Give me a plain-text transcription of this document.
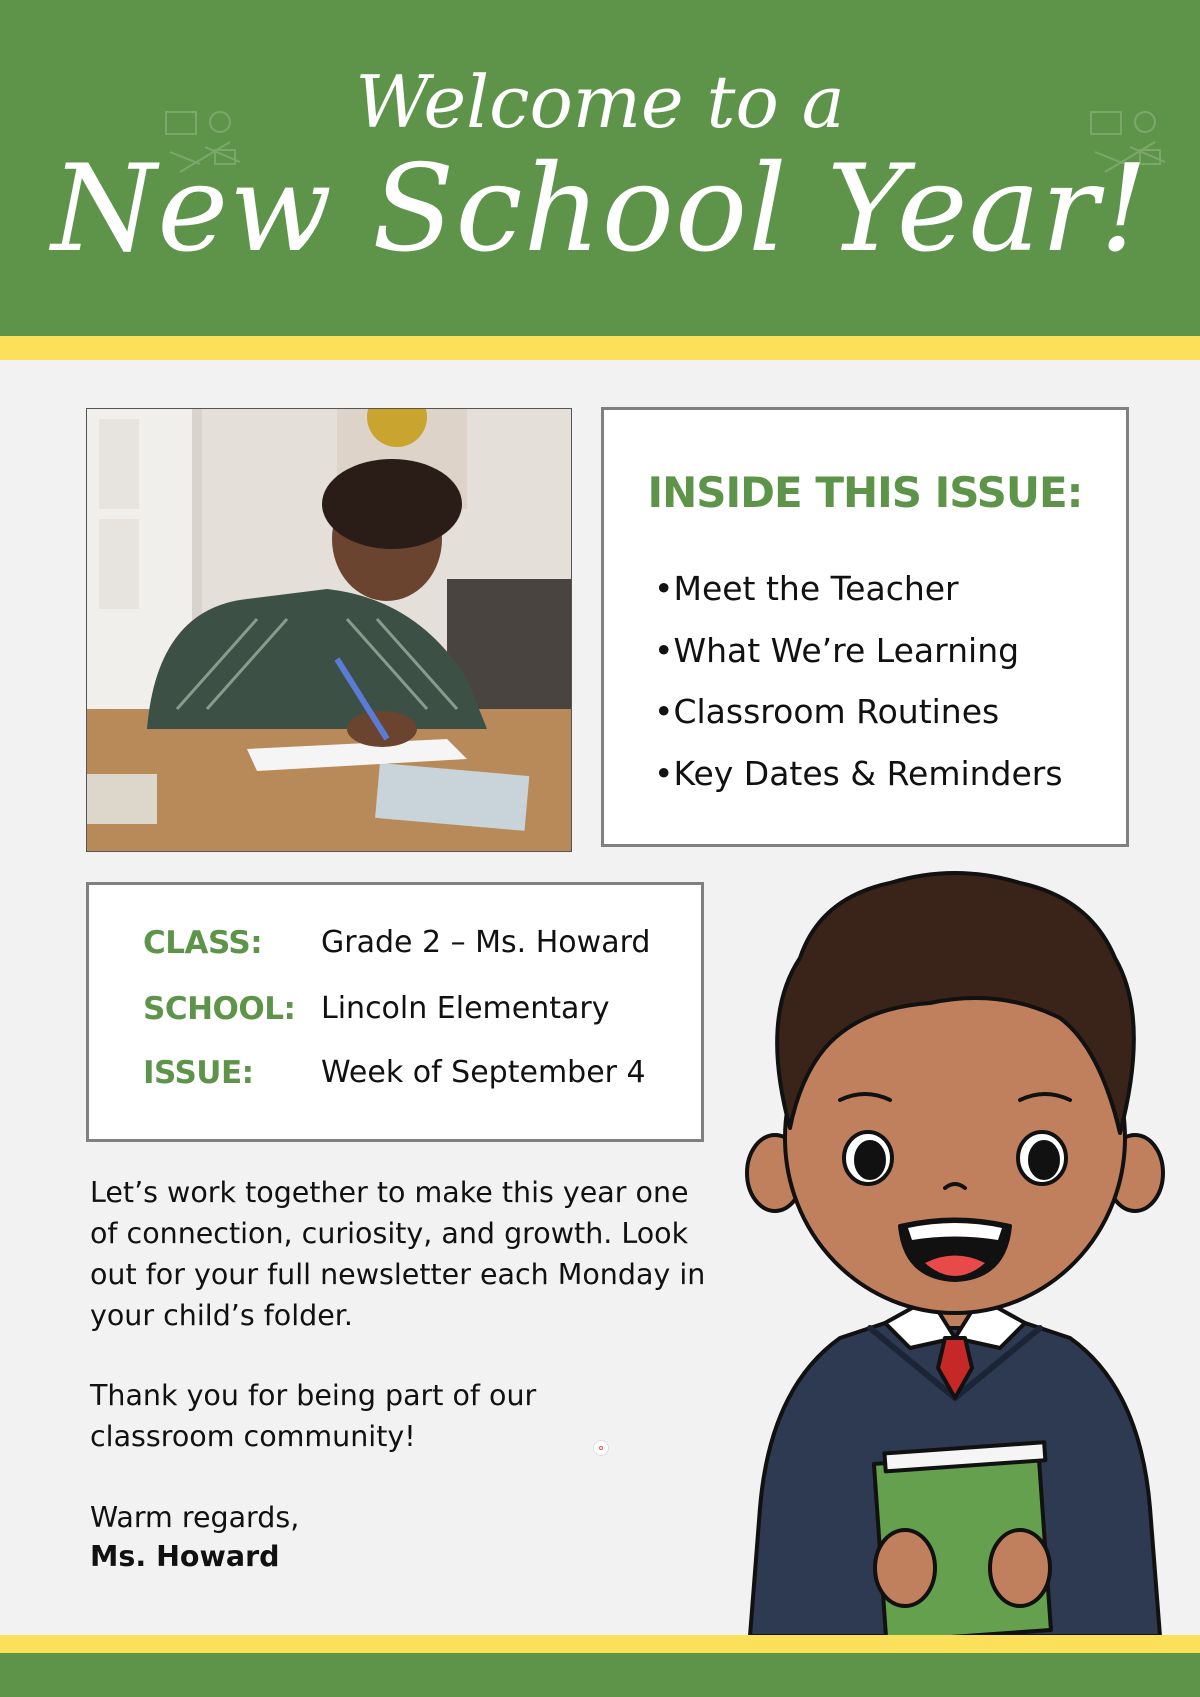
Welcome to a
New School Year!
INSIDE THIS ISSUE:
• Meet the Teacher
• What We’re Learning
• Classroom Routines
• Key Dates & Reminders
CLASS: Grade 2 – Ms. Howard
SCHOOL: Lincoln Elementary
ISSUE: Week of September 4
Let’s work together to make this year one of connection, curiosity, and growth. Look out for your full newsletter each Monday in your child’s folder.
Thank you for being part of our classroom community!
Warm regards,
Ms. Howard
